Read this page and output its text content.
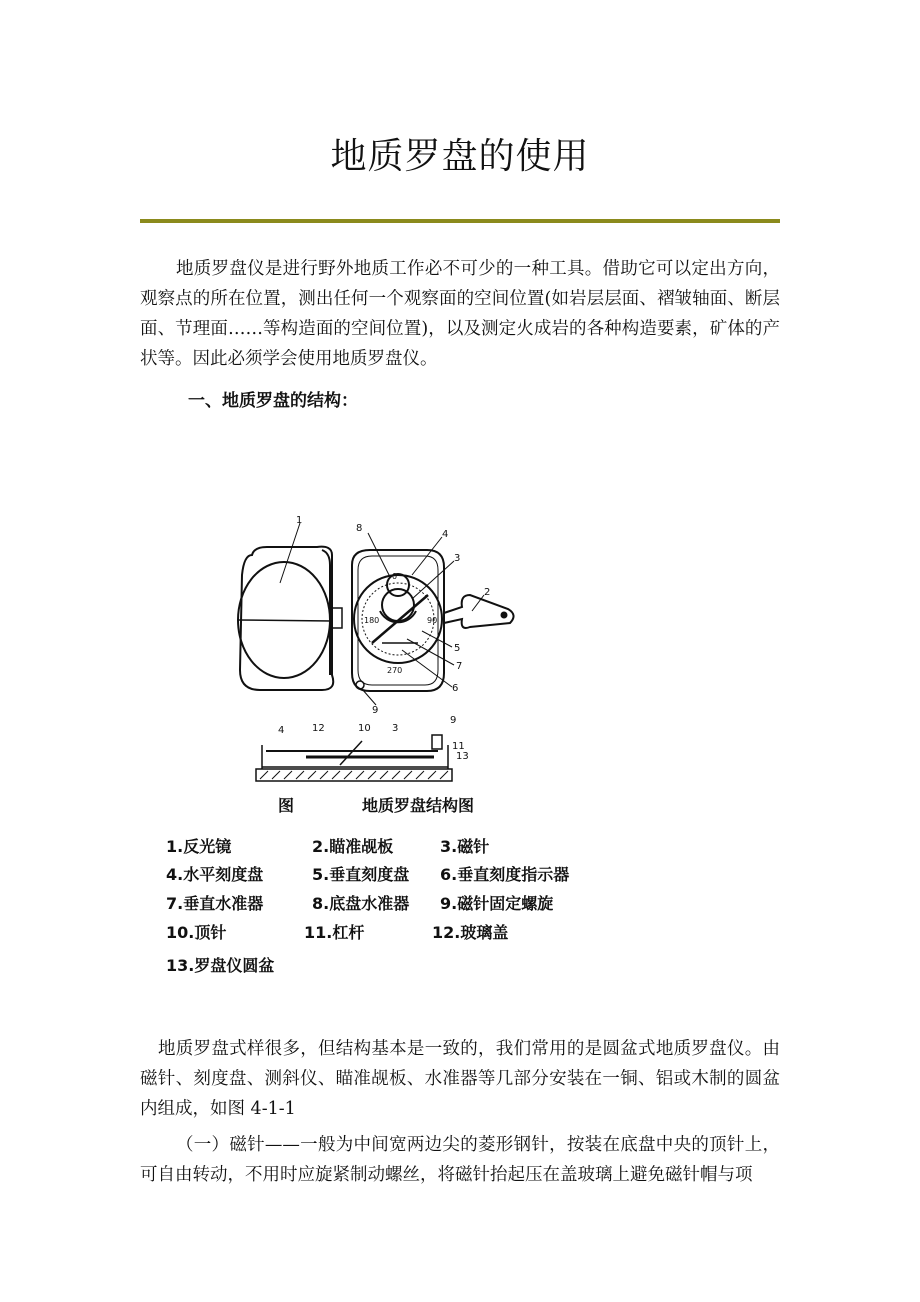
地质罗盘的使用

地质罗盘仪是进行野外地质工作必不可少的一种工具。借助它可以定出方向，观察点的所在位置，测出任何一个观察面的空间位置(如岩层层面、褶皱轴面、断层面、节理面……等构造面的空间位置)，以及测定火成岩的各种构造要素，矿体的产状等。因此必须学会使用地质罗盘仪。

一、地质罗盘的结构：
0
90
180
270
1
8
4
3
2
5
7
6
9
9
4	12	10 3
11
13
图	地质罗盘结构图
1.反光镜	2.瞄准觇板	3.磁针
4.水平刻度盘	5.垂直刻度盘 6.垂直刻度指示器
7.垂直水准器	8.底盘水准器 9.磁针固定螺旋
10.顶针	11.杠杆	12.玻璃盖
13.罗盘仪圆盆

地质罗盘式样很多，但结构基本是一致的，我们常用的是圆盆式地质罗盘仪。由磁针、刻度盘、测斜仪、瞄准觇板、水准器等几部分安装在一铜、铝或木制的圆盆内组成，如图 4-1-1

（一）磁针——一般为中间宽两边尖的菱形钢针，按装在底盘中央的顶针上，可自由转动，不用时应旋紧制动螺丝，将磁针抬起压在盖玻璃上避免磁针帽与项
